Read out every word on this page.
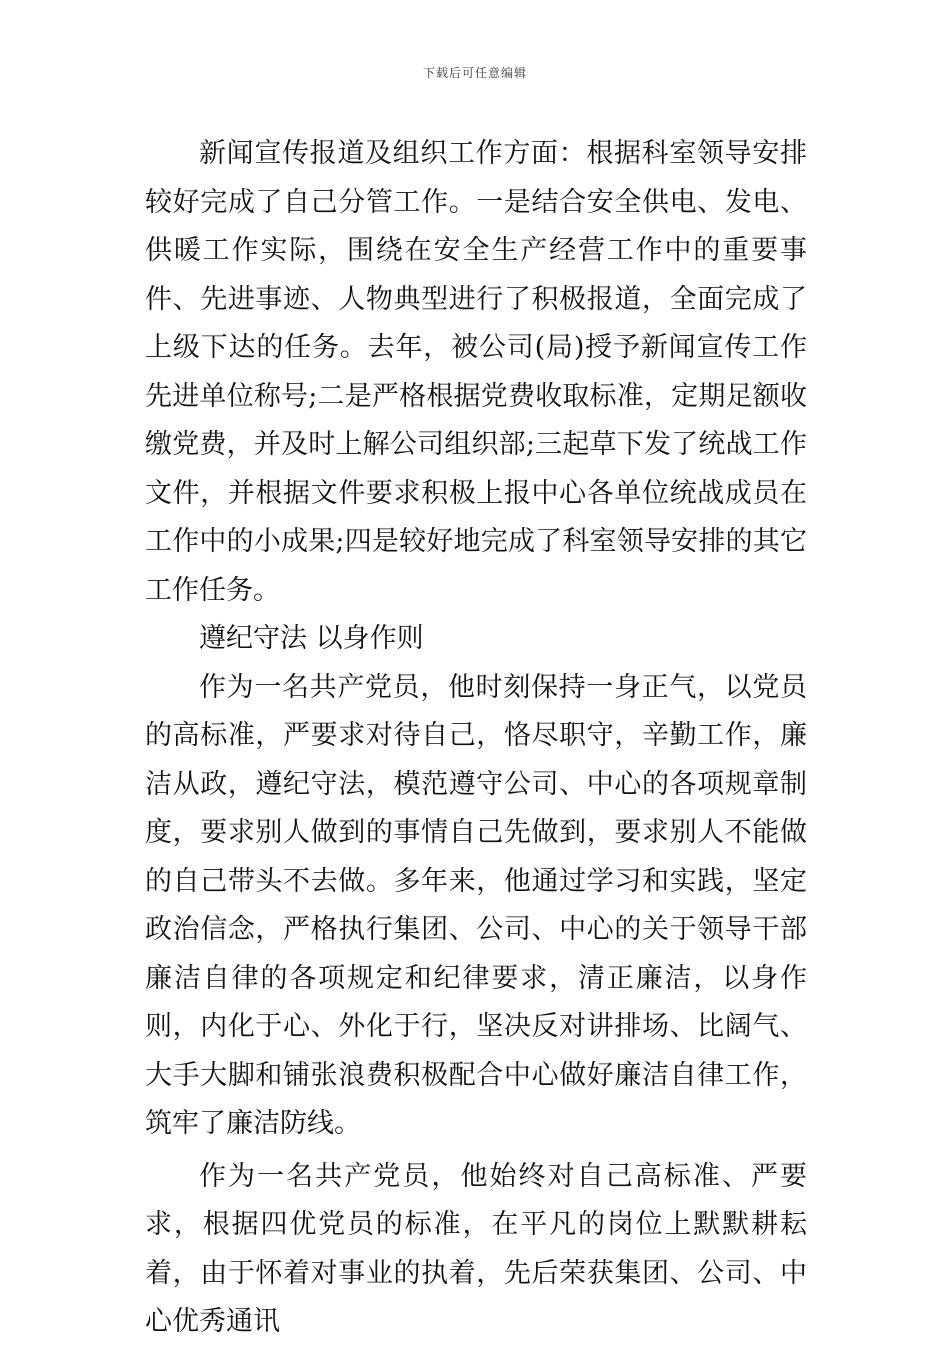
下载后可任意编辑

新闻宣传报道及组织工作方面：根据科室领导安排较好完成了自己分管工作。一是结合安全供电、发电、供暖工作实际，围绕在安全生产经营工作中的重要事件、先进事迹、人物典型进行了积极报道，全面完成了上级下达的任务。去年，被公司(局)授予新闻宣传工作先进单位称号;二是严格根据党费收取标准，定期足额收缴党费，并及时上解公司组织部;三起草下发了统战工作文件，并根据文件要求积极上报中心各单位统战成员在工作中的小成果;四是较好地完成了科室领导安排的其它工作任务。

遵纪守法 以身作则

作为一名共产党员，他时刻保持一身正气，以党员的高标准，严要求对待自己，恪尽职守，辛勤工作，廉洁从政，遵纪守法，模范遵守公司、中心的各项规章制度，要求别人做到的事情自己先做到，要求别人不能做的自己带头不去做。多年来，他通过学习和实践，坚定政治信念，严格执行集团、公司、中心的关于领导干部廉洁自律的各项规定和纪律要求，清正廉洁，以身作则，内化于心、外化于行，坚决反对讲排场、比阔气、大手大脚和铺张浪费积极配合中心做好廉洁自律工作，筑牢了廉洁防线。

作为一名共产党员，他始终对自己高标准、严要求，根据四优党员的标准，在平凡的岗位上默默耕耘着，由于怀着对事业的执着，先后荣获集团、公司、中心优秀通讯
